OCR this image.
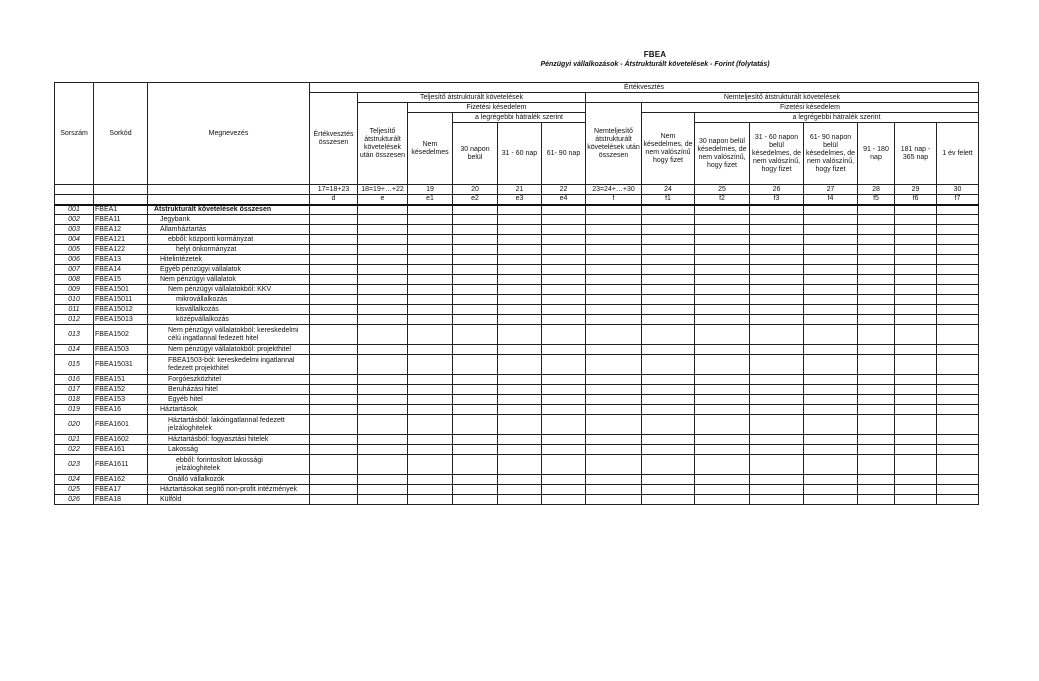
FBEA
Pénzügyi vállalkozások - Átstrukturált követelések - Forint (folytatás)
Sorszám	Sorkód	Megnevezés	Értékvesztés													
			Értékvesztés összesen	Teljesítő átstrukturált követelések					Nemteljesítő átstrukturált követelések							
				Teljesítő átstrukturált követelések után összesen	Fizetési késedelem				Nemteljesítő átstrukturált követelések után összesen	Fizetési késedelem						
					Nem késedelmes	a legrégebbi hátralék szerint				Nem késedelmes, de nem valószínű hogy fizet	a legrégebbi hátralék szerint					
						30 napon belül	31 - 60 nap	61- 90 nap			30 napon belül késedelmes, de nem valószínű, hogy fizet	31 - 60 napon belül késedelmes, de nem valószínű, hogy fizet	61- 90 napon belül késedelmes, de nem valószínű, hogy fizet	91 - 180 nap	181 nap - 365 nap	1 év felett
			17=18+23	18=19+…+22	19	20	21	22	23=24+…+30	24	25	26	27	28	29	30
			d	e	e1	e2	e3	e4	f	f1	f2	f3	f4	f5	f6	f7
001	FBEA1	Átstrukturált követelések összesen														
002	FBEA11	Jegybank														
003	FBEA12	Államháztartás														
004	FBEA121	ebből: központi kormányzat														
005	FBEA122	helyi önkormányzat														
006	FBEA13	Hitelintézetek														
007	FBEA14	Egyéb pénzügyi vállalatok														
008	FBEA15	Nem pénzügyi vállalatok														
009	FBEA1501	Nem pénzügyi vállalatokból: KKV														
010	FBEA15011	mikrovállalkozás														
011	FBEA15012	kisvállalkozás														
012	FBEA15013	középvállalkozás														
013	FBEA1502	Nem pénzügyi vállalatokból: kereskedelmi célú ingatlannal fedezett hitel														
014	FBEA1503	Nem pénzügyi vállalatokból: projekthitel														
015	FBEA15031	FBEA1503-ból: kereskedelmi ingatlannal fedezett projekthitel														
016	FBEA151	Forgóeszközhitel														
017	FBEA152	Beruházási hitel														
018	FBEA153	Egyéb hitel														
019	FBEA16	Háztartások														
020	FBEA1601	Háztartásból: lakóingatlannal fedezett jelzáloghitelek														
021	FBEA1602	Háztartásból: fogyasztási hitelek														
022	FBEA161	Lakosság														
023	FBEA1611	ebből: forintosított lakossági jelzáloghitelek														
024	FBEA162	Önálló vállalkozók														
025	FBEA17	Háztartásokat segítő non-profit intézmények														
026	FBEA18	Külföld														
